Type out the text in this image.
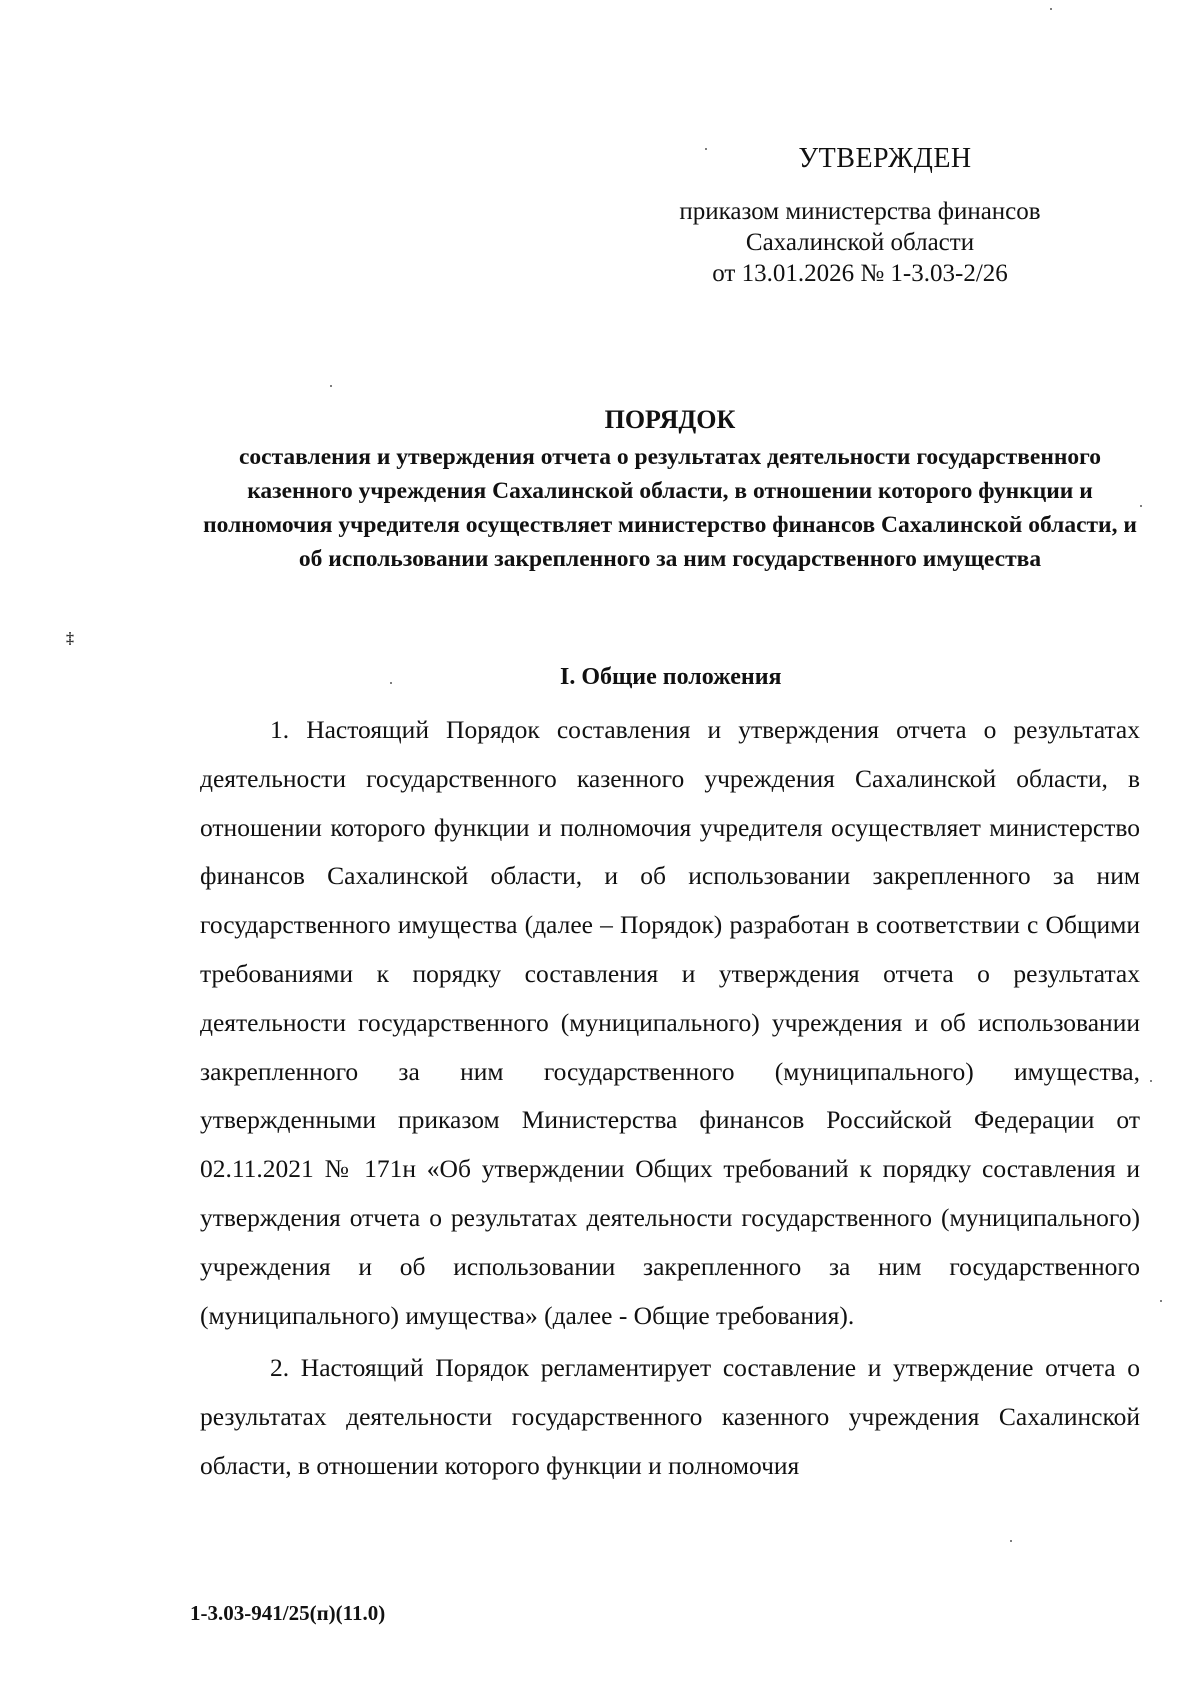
УТВЕРЖДЕН
приказом министерства финансов
Сахалинской области
от 13.01.2026 № 1-3.03-2/26
ПОРЯДОК
составления и утверждения отчета о результатах деятельности государственного казенного учреждения Сахалинской области, в отношении которого функции и полномочия учредителя осуществляет министерство финансов Сахалинской области, и об использовании закрепленного за ним государственного имущества
I. Общие положения

1. Настоящий Порядок составления и утверждения отчета о результатах деятельности государственного казенного учреждения Сахалинской области, в отношении которого функции и полномочия учредителя осуществляет министерство финансов Сахалинской области, и об использовании закрепленного за ним государственного имущества (далее – Порядок) разработан в соответствии с Общими требованиями к порядку составления и утверждения отчета о результатах деятельности государственного (муниципального) учреждения и об использовании закрепленного за ним государственного (муниципального) имущества, утвержденными приказом Министерства финансов Российской Федерации от 02.11.2021 № 171н «Об утверждении Общих требований к порядку составления и утверждения отчета о результатах деятельности государственного (муниципального) учреждения и об использовании закрепленного за ним государственного (муниципального) имущества» (далее - Общие требования).

2. Настоящий Порядок регламентирует составление и утверждение отчета о результатах деятельности государственного казенного учреждения Сахалинской области, в отношении которого функции и полномочия

1-3.03-941/25(п)(11.0)
‡
